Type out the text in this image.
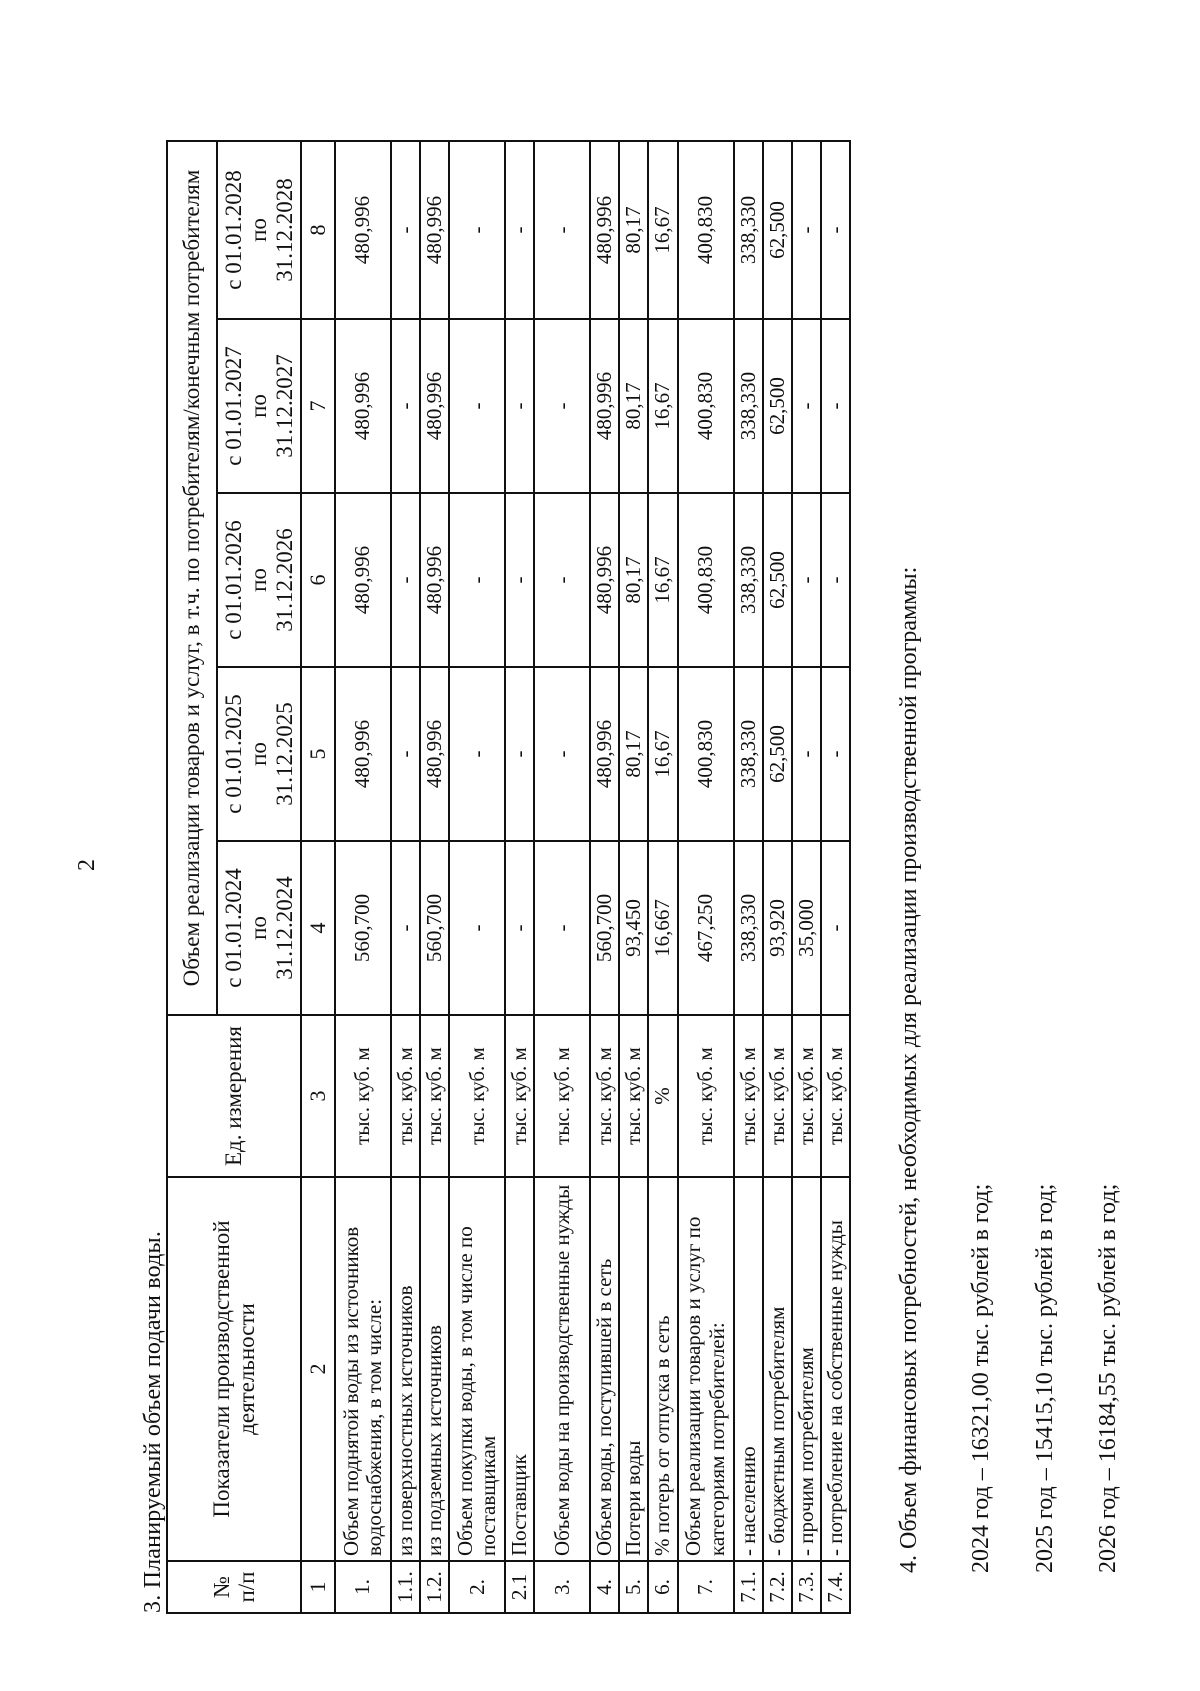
2
3. Планируемый объем подачи воды. № п/п	Показатели производственной деятельности	Ед. измерения	Объем реализации товаров и услуг, в т.ч. по потребителям/конечным потребителям				

			с 01.01.2024 по 31.12.2024	с 01.01.2025 по 31.12.2025	с 01.01.2026 по 31.12.2026	с 01.01.2027 по 31.12.2027	с 01.01.2028 по 31.12.2028

1	2	3	4	5	6	7	8
1.	Объем поднятой воды из источников водоснабжения, в том числе:	тыс. куб. м	560,700	480,996	480,996	480,996	480,996
1.1.	из поверхностных источников	тыс. куб. м	-	-	-	-	-
1.2.	из подземных источников	тыс. куб. м	560,700	480,996	480,996	480,996	480,996
2.	Объем покупки воды, в том числе по поставщикам	тыс. куб. м	-	-	-	-	-
2.1	Поставщик	тыс. куб. м	-	-	-	-	-
3.	Объем воды на производственные нужды	тыс. куб. м	-	-	-	-	-
4.	Объем воды, поступившей в сеть	тыс. куб. м	560,700	480,996	480,996	480,996	480,996
5.	Потери воды	тыс. куб. м	93,450	80,17	80,17	80,17	80,17
6.	% потерь от отпуска в сеть	%	16,667	16,67	16,67	16,67	16,67
7.	Объем реализации товаров и услуг по категориям потребителей:	тыс. куб. м	467,250	400,830	400,830	400,830	400,830
7.1.	- населению	тыс. куб. м	338,330	338,330	338,330	338,330	338,330
7.2.	- бюджетным потребителям	тыс. куб. м	93,920	62,500	62,500	62,500	62,500
7.3.	- прочим потребителям	тыс. куб. м	35,000	-	-	-	-
7.4.	- потребление на собственные нужды	тыс. куб. м	-	-	-	-	-
4. Объем финансовых потребностей, необходимых для реализации производственной программы: 2024 год – 16321,00 тыс. рублей в год; 2025 год – 15415,10 тыс. рублей в год; 2026 год – 16184,55 тыс. рублей в год;
